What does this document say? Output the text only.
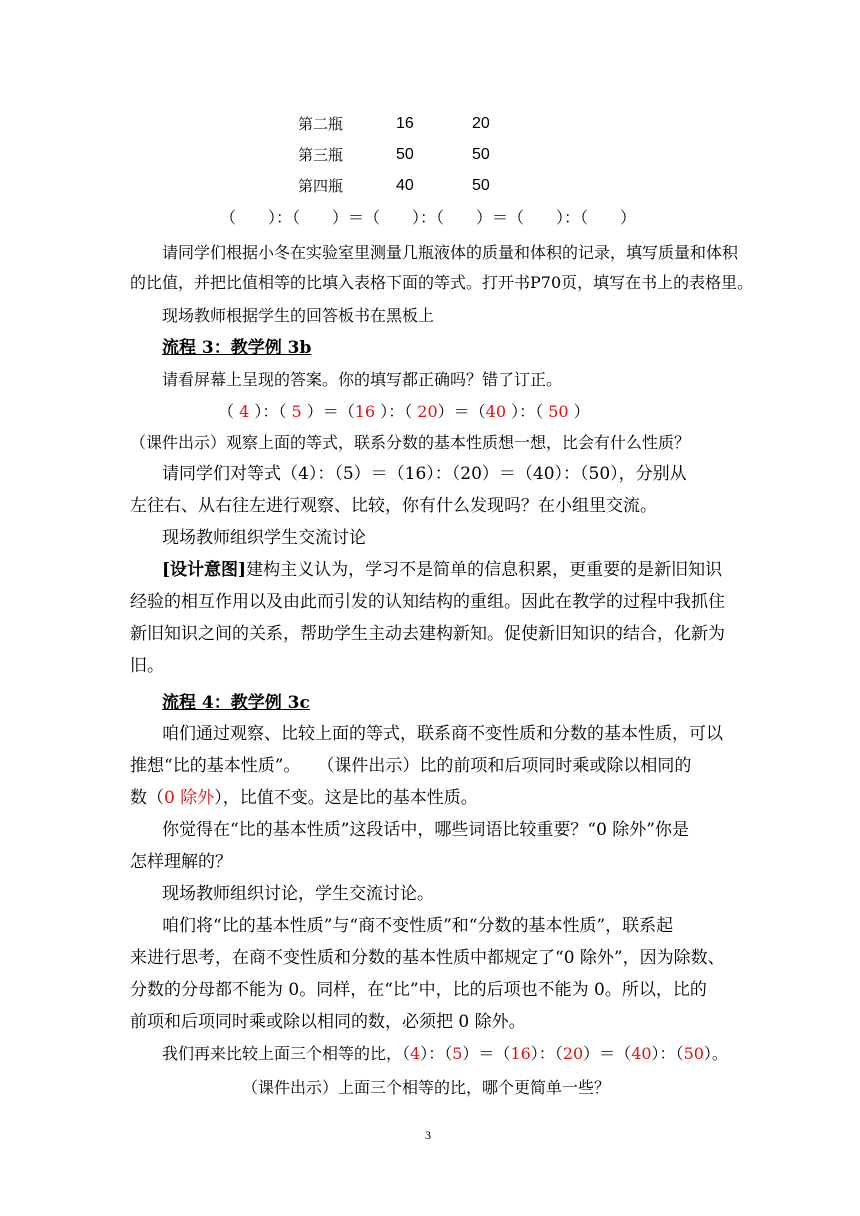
第二瓶	16	20
第三瓶	50	50
第四瓶	40	50
（　　）：（　　）＝（　　）：（　　）＝（　　）：（　　）
请同学们根据小冬在实验室里测量几瓶液体的质量和体积的记录，填写质量和体积
的比值，并把比值相等的比填入表格下面的等式。打开书P70页，填写在书上的表格里。
现场教师根据学生的回答板书在黑板上
流程 3：教学例 3b
请看屏幕上呈现的答案。你的填写都正确吗？错了订正。
（ 4 ）：（ 5 ）＝（16 ）：（ 20）＝（40 ）：（ 50 ）
（课件出示）观察上面的等式，联系分数的基本性质想一想，比会有什么性质？
请同学们对等式（4）：（5）＝（16）：（20）＝（40）：（50），分别从
左往右、从右往左进行观察、比较，你有什么发现吗？在小组里交流。
现场教师组织学生交流讨论
[设计意图]建构主义认为，学习不是简单的信息积累，更重要的是新旧知识
经验的相互作用以及由此而引发的认知结构的重组。因此在教学的过程中我抓住
新旧知识之间的关系，帮助学生主动去建构新知。促使新旧知识的结合，化新为
旧。
流程 4：教学例 3c
咱们通过观察、比较上面的等式，联系商不变性质和分数的基本性质，可以
推想“比的基本性质”。　　（课件出示）比的前项和后项同时乘或除以相同的
数（0 除外），比值不变。这是比的基本性质。
你觉得在“比的基本性质”这段话中，哪些词语比较重要？“0 除外”你是
怎样理解的？
现场教师组织讨论，学生交流讨论。
咱们将“比的基本性质”与“商不变性质”和“分数的基本性质”，联系起
来进行思考，在商不变性质和分数的基本性质中都规定了“0 除外”，因为除数、
分数的分母都不能为 0。同样，在“比”中，比的后项也不能为 0。所以，比的
前项和后项同时乘或除以相同的数，必须把 0 除外。
我们再来比较上面三个相等的比，（4）：（5）＝（16）：（20）＝（40）：（50）。
（课件出示）上面三个相等的比，哪个更简单一些？
3
